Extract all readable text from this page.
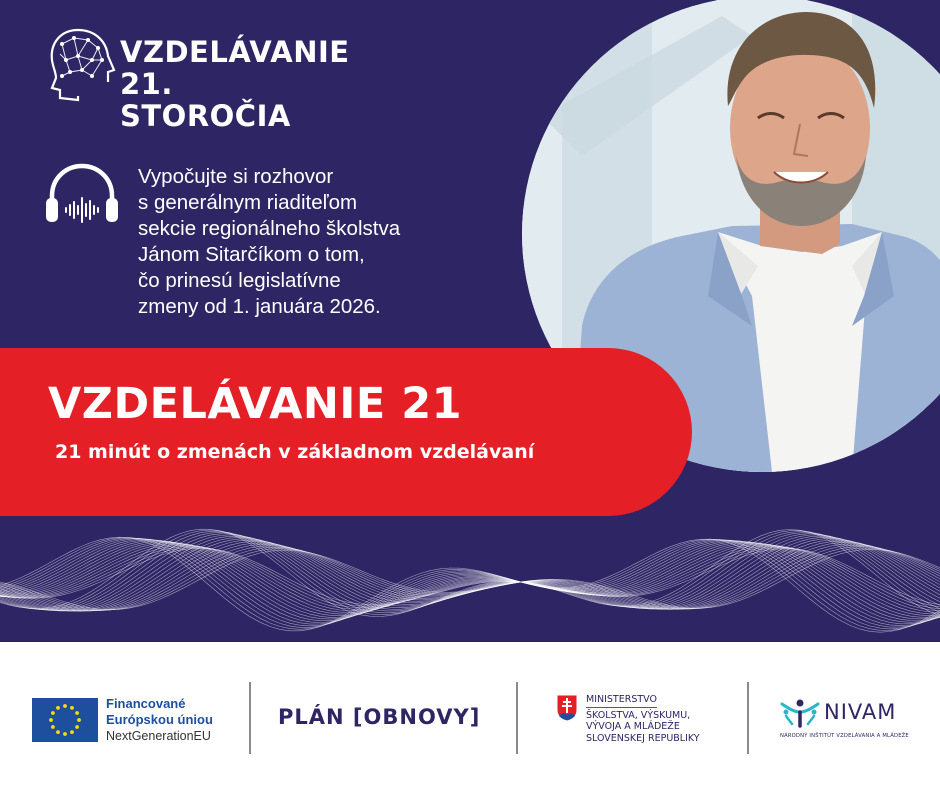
VZDELÁVANIE
21. STOROČIA

Vypočujte si rozhovor
s generálnym riaditeľom
sekcie regionálneho školstva
Jánom Sitarčíkom o tom,
čo prinesú legislatívne
zmeny od 1. januára 2026.

VZDELÁVANIE 21

21 minút o zmenách v základnom vzdelávaní

Financované
Európskou úniou
NextGenerationEU
PLÁN [OBNOVY]
MINISTERSTVO
ŠKOLSTVA, VÝSKUMU,
VÝVOJA A MLÁDEŽE
SLOVENSKEJ REPUBLIKY
NIVAM
NÁRODNÝ INŠTITÚT VZDELÁVANIA A MLÁDEŽE
